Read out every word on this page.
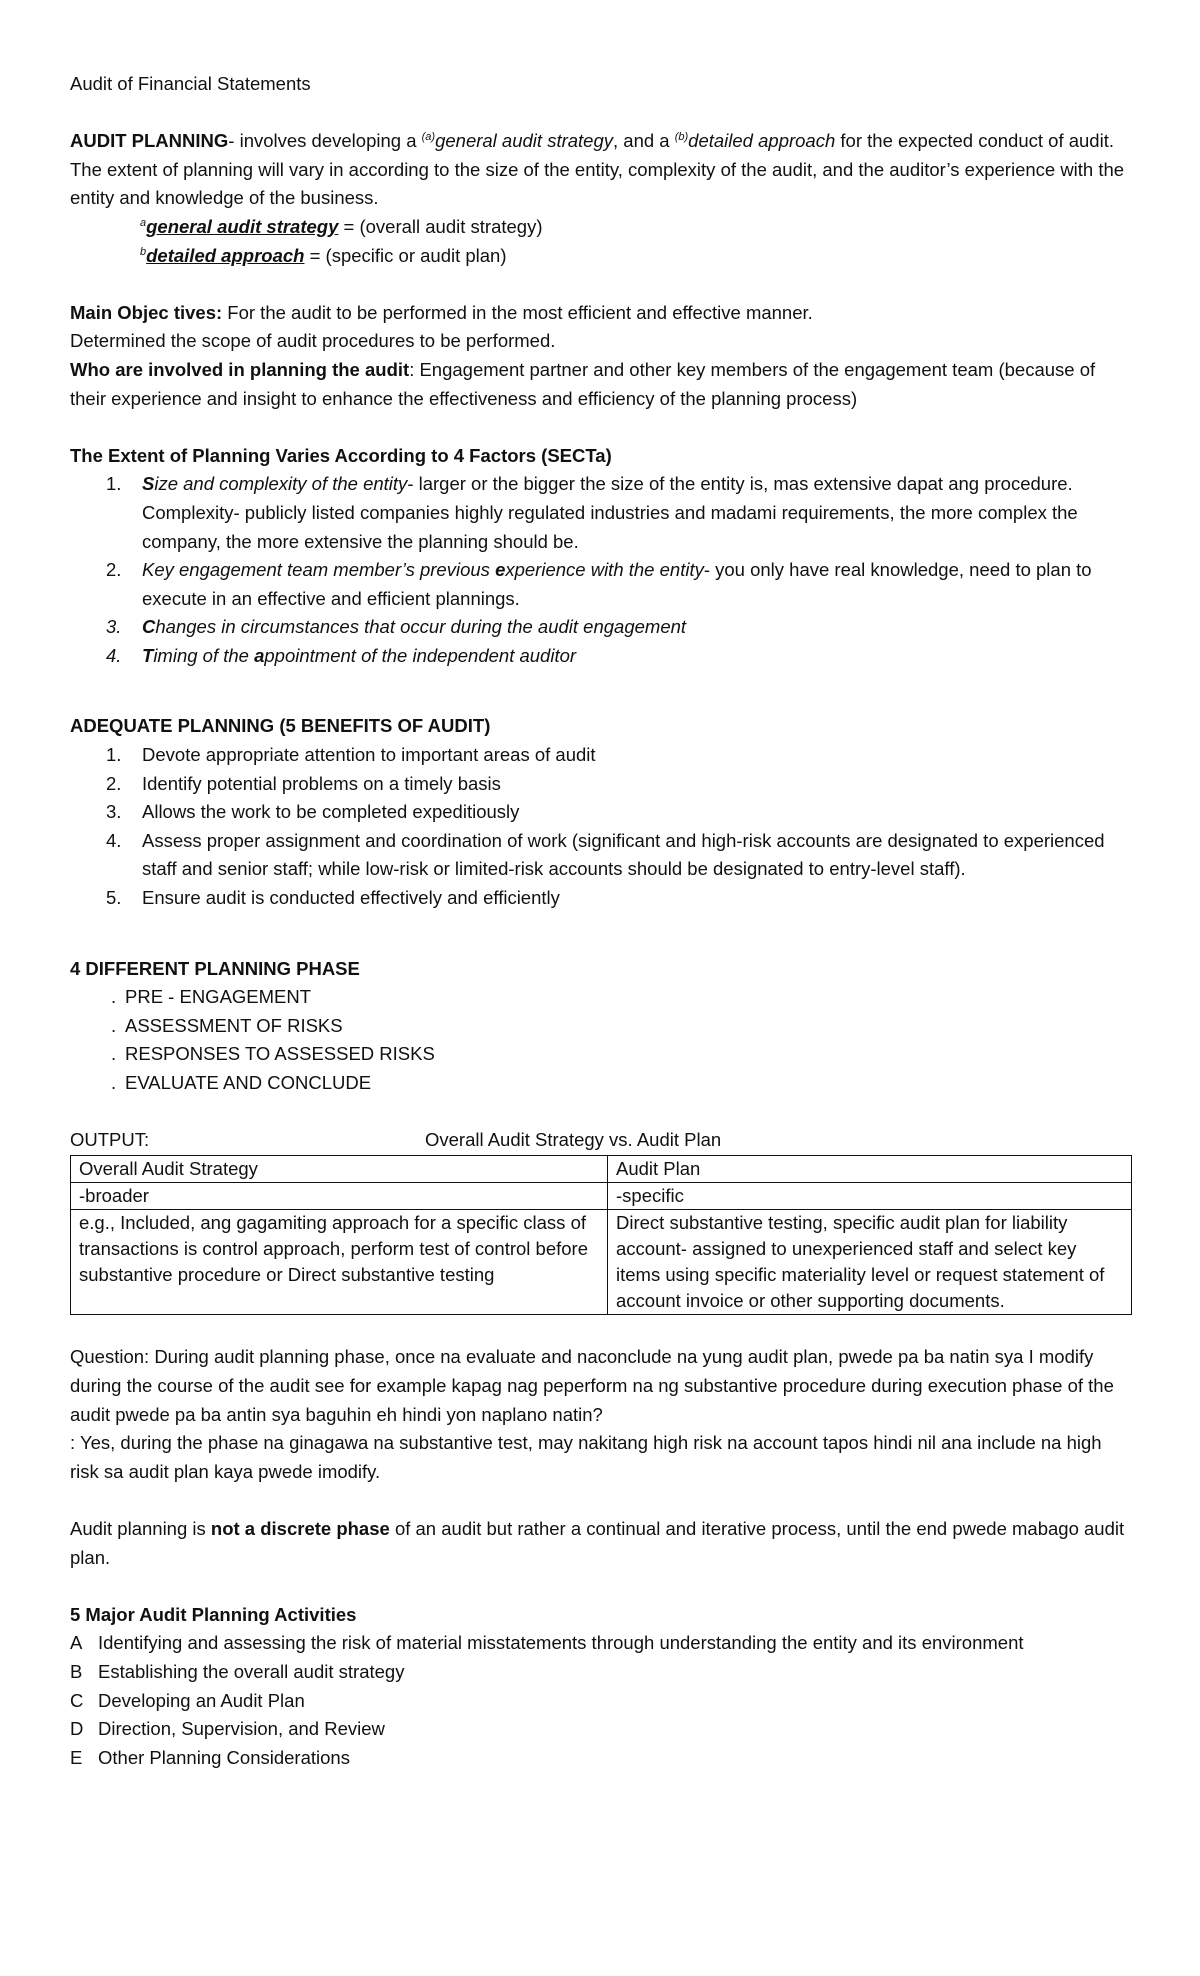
Audit of Financial Statements

AUDIT PLANNING- involves developing a $^{(a)}$general audit strategy, and a $^{(b)}$detailed approach for the expected conduct of audit. The extent of planning will vary in according to the size of the entity, complexity of the audit, and the auditor’s experience with the entity and knowledge of the business.

$^a$general audit strategy = (overall audit strategy)

$^b$detailed approach = (specific or audit plan)

Main Objec tives: For the audit to be performed in the most efficient and effective manner.

Determined the scope of audit procedures to be performed.

Who are involved in planning the audit: Engagement partner and other key members of the engagement team (because of their experience and insight to enhance the effectiveness and efficiency of the planning process)

The Extent of Planning Varies According to 4 Factors (SECTa)

1. Size and complexity of the entity- larger or the bigger the size of the entity is, mas extensive dapat ang procedure. Complexity- publicly listed companies highly regulated industries and madami requirements, the more complex the company, the more extensive the planning should be.
2. Key engagement team member’s previous experience with the entity- you only have real knowledge, need to plan to execute in an effective and efficient plannings.
3. Changes in circumstances that occur during the audit engagement
4. Timing of the appointment of the independent auditor

ADEQUATE PLANNING (5 BENEFITS OF AUDIT)

1. Devote appropriate attention to important areas of audit
2. Identify potential problems on a timely basis
3. Allows the work to be completed expeditiously
4. Assess proper assignment and coordination of work (significant and high-risk accounts are designated to experienced staff and senior staff; while low-risk or limited-risk accounts should be designated to entry-level staff).
5. Ensure audit is conducted effectively and efficiently

4 DIFFERENT PLANNING PHASE

. PRE - ENGAGEMENT
. ASSESSMENT OF RISKS
. RESPONSES TO ASSESSED RISKS
. EVALUATE AND CONCLUDE
OUTPUT:	Overall Audit Strategy vs. Audit Plan
Overall Audit Strategy	Audit Plan
-broader	-specific
e.g., Included, ang gagamiting approach for a specific class of transactions is control approach, perform test of control before substantive procedure or Direct substantive testing	Direct substantive testing, specific audit plan for liability account- assigned to unexperienced staff and select key items using specific materiality level or request statement of account invoice or other supporting documents.

Question: During audit planning phase, once na evaluate and naconclude na yung audit plan, pwede pa ba natin sya I modify during the course of the audit see for example kapag nag peperform na ng substantive procedure during execution phase of the audit pwede pa ba antin sya baguhin eh hindi yon naplano natin?

: Yes, during the phase na ginagawa na substantive test, may nakitang high risk na account tapos hindi nil ana include na high risk sa audit plan kaya pwede imodify.

Audit planning is not a discrete phase of an audit but rather a continual and iterative process, until the end pwede mabago audit plan.

5 Major Audit Planning Activities

A Identifying and assessing the risk of material misstatements through understanding the entity and its environment

B Establishing the overall audit strategy

C Developing an Audit Plan

D Direction, Supervision, and Review

E Other Planning Considerations
